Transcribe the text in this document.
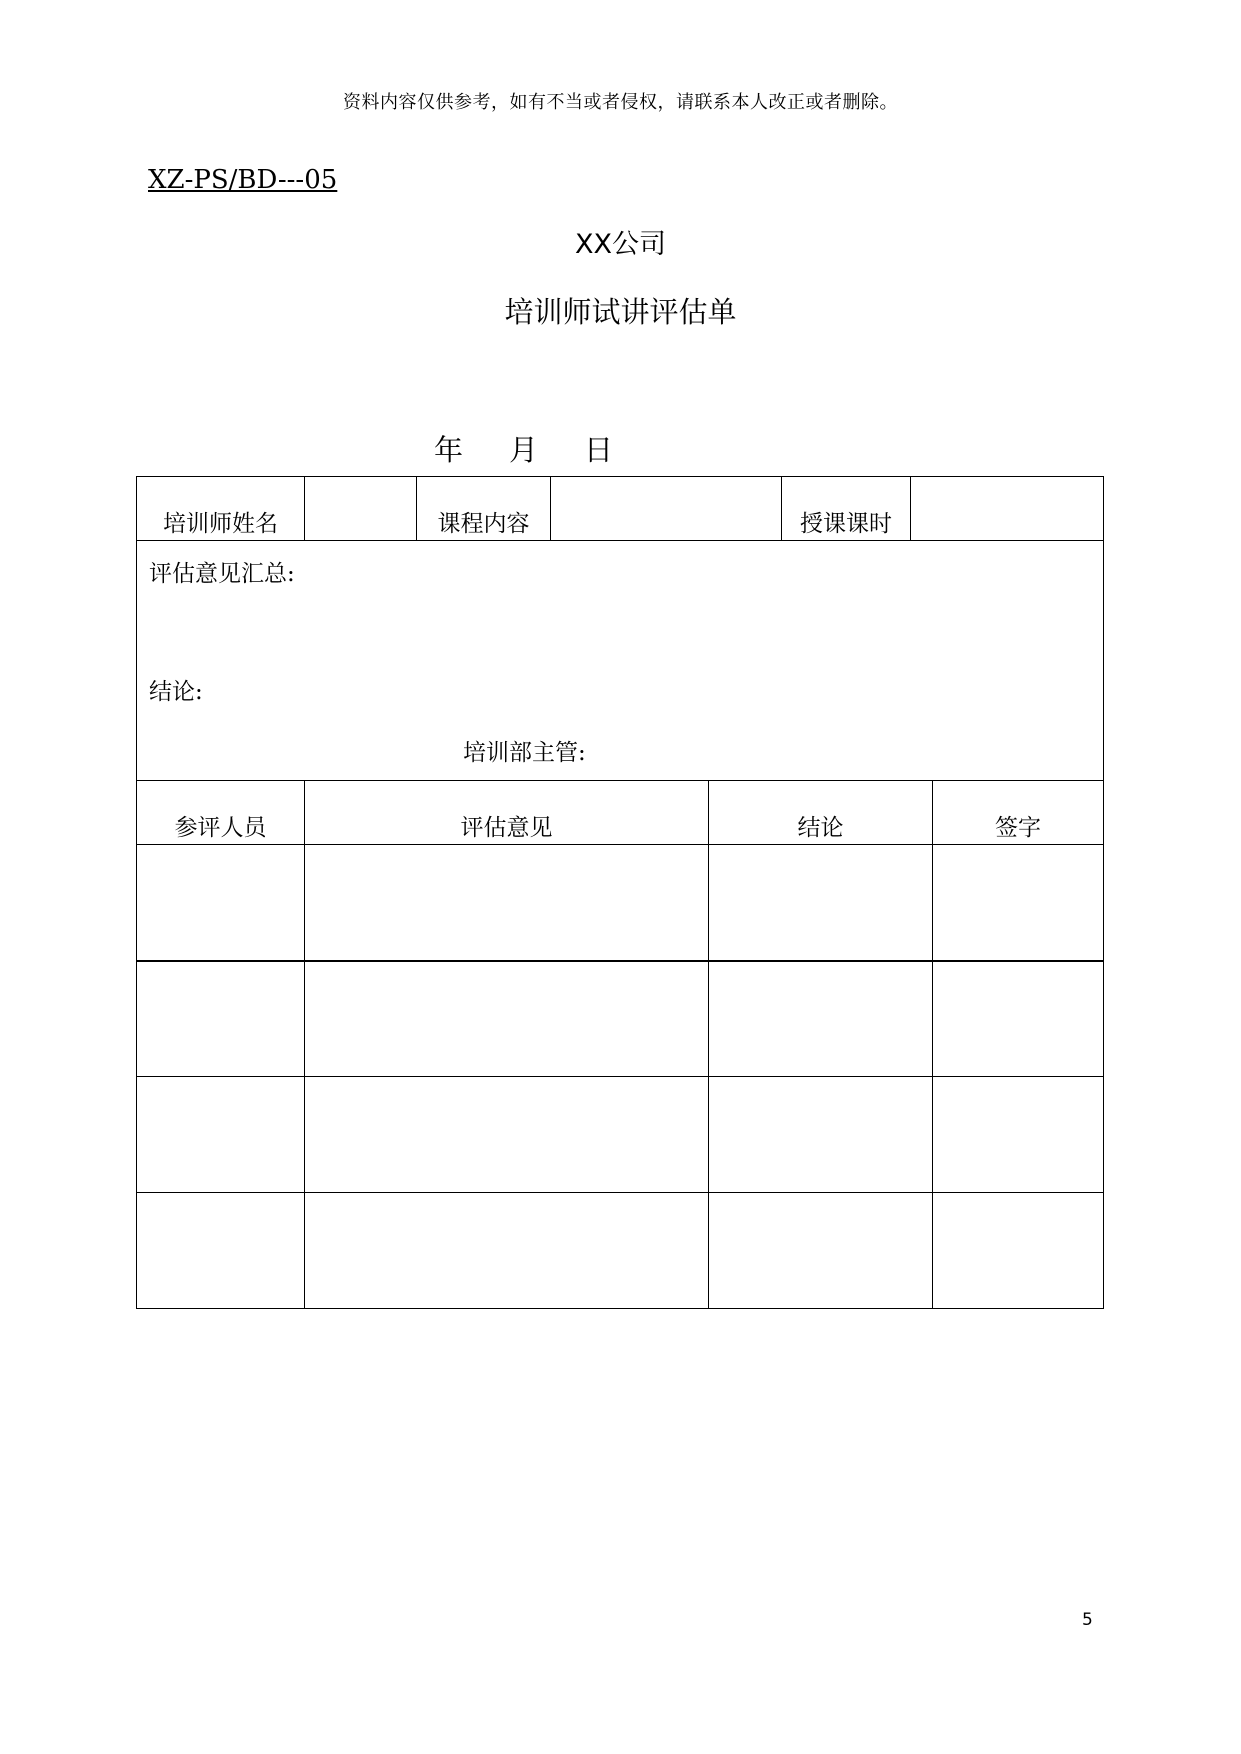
资料内容仅供参考，如有不当或者侵权，请联系本人改正或者删除。
XZ-PS/BD---05
XX公司
培训师试讲评估单
年 月 日
培训师姓名	课程内容	授课课时
评估意见汇总:
结论:
培训部主管:
参评人员	评估意见	结论	签字
5
